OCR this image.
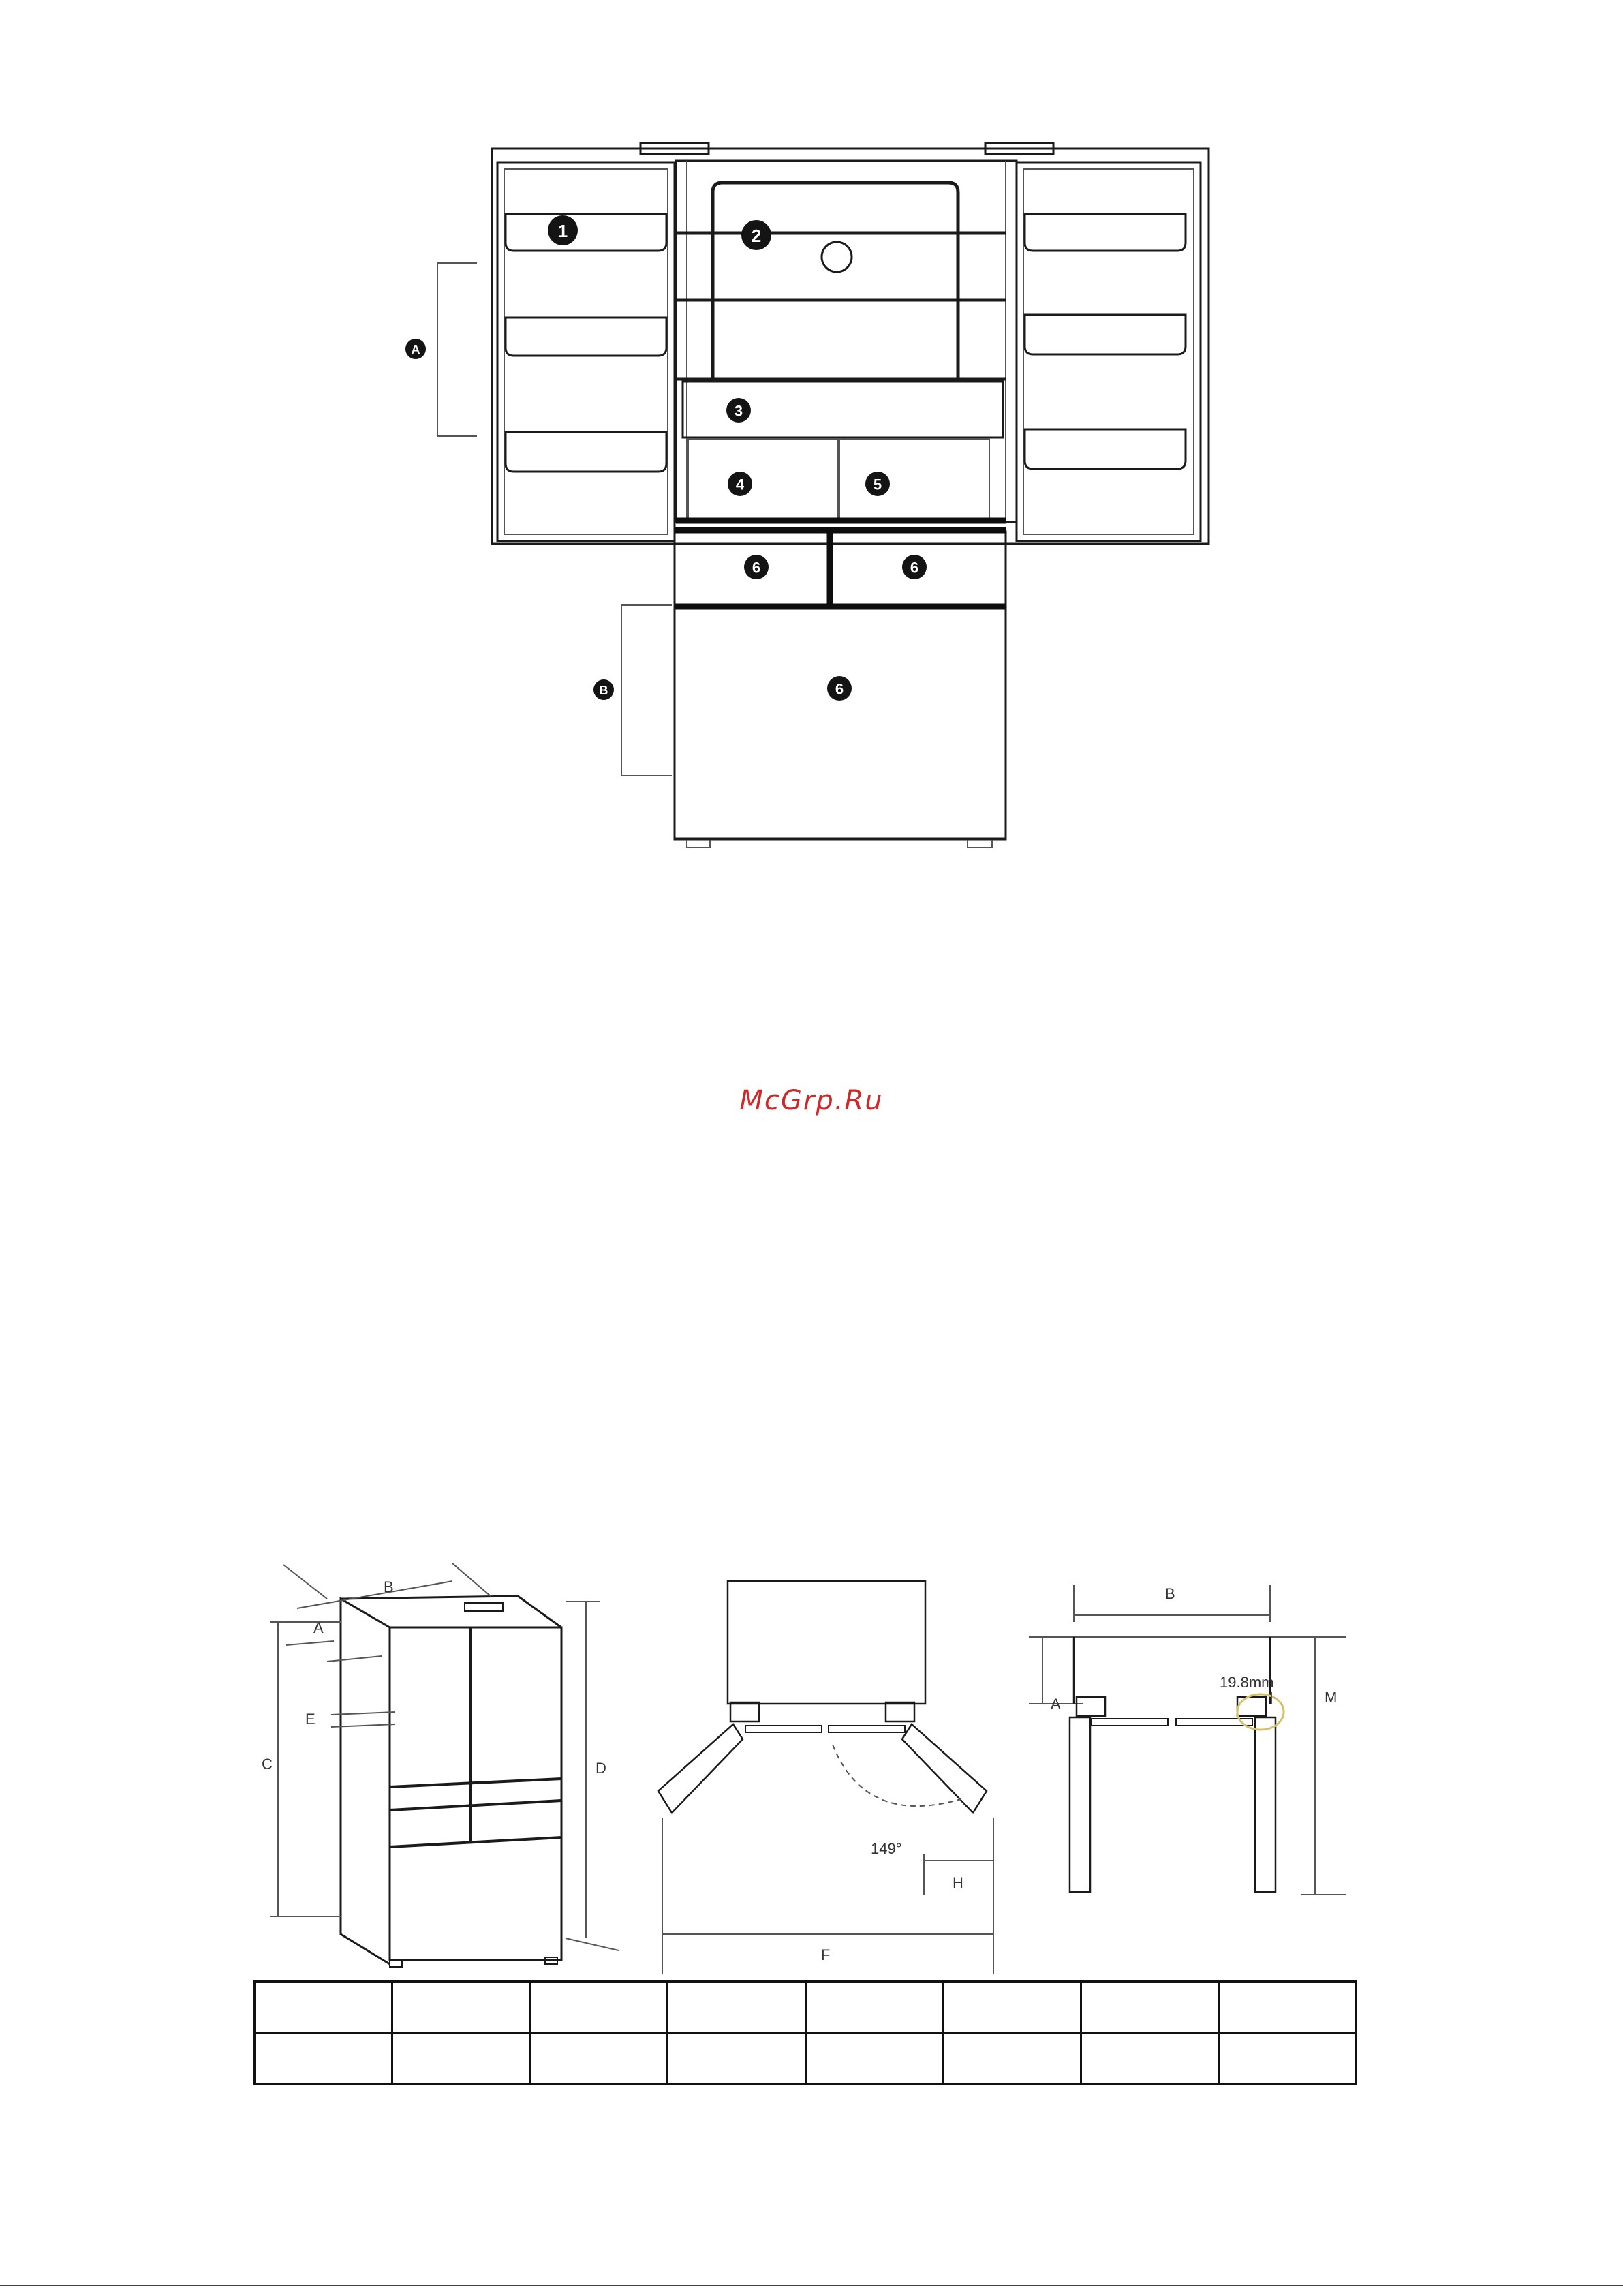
A
B
1	2
3
4	5
6	6
6
B
A
C
E
D
149°
H
F
B
A	M
19.8mm
McGrp.Ru
